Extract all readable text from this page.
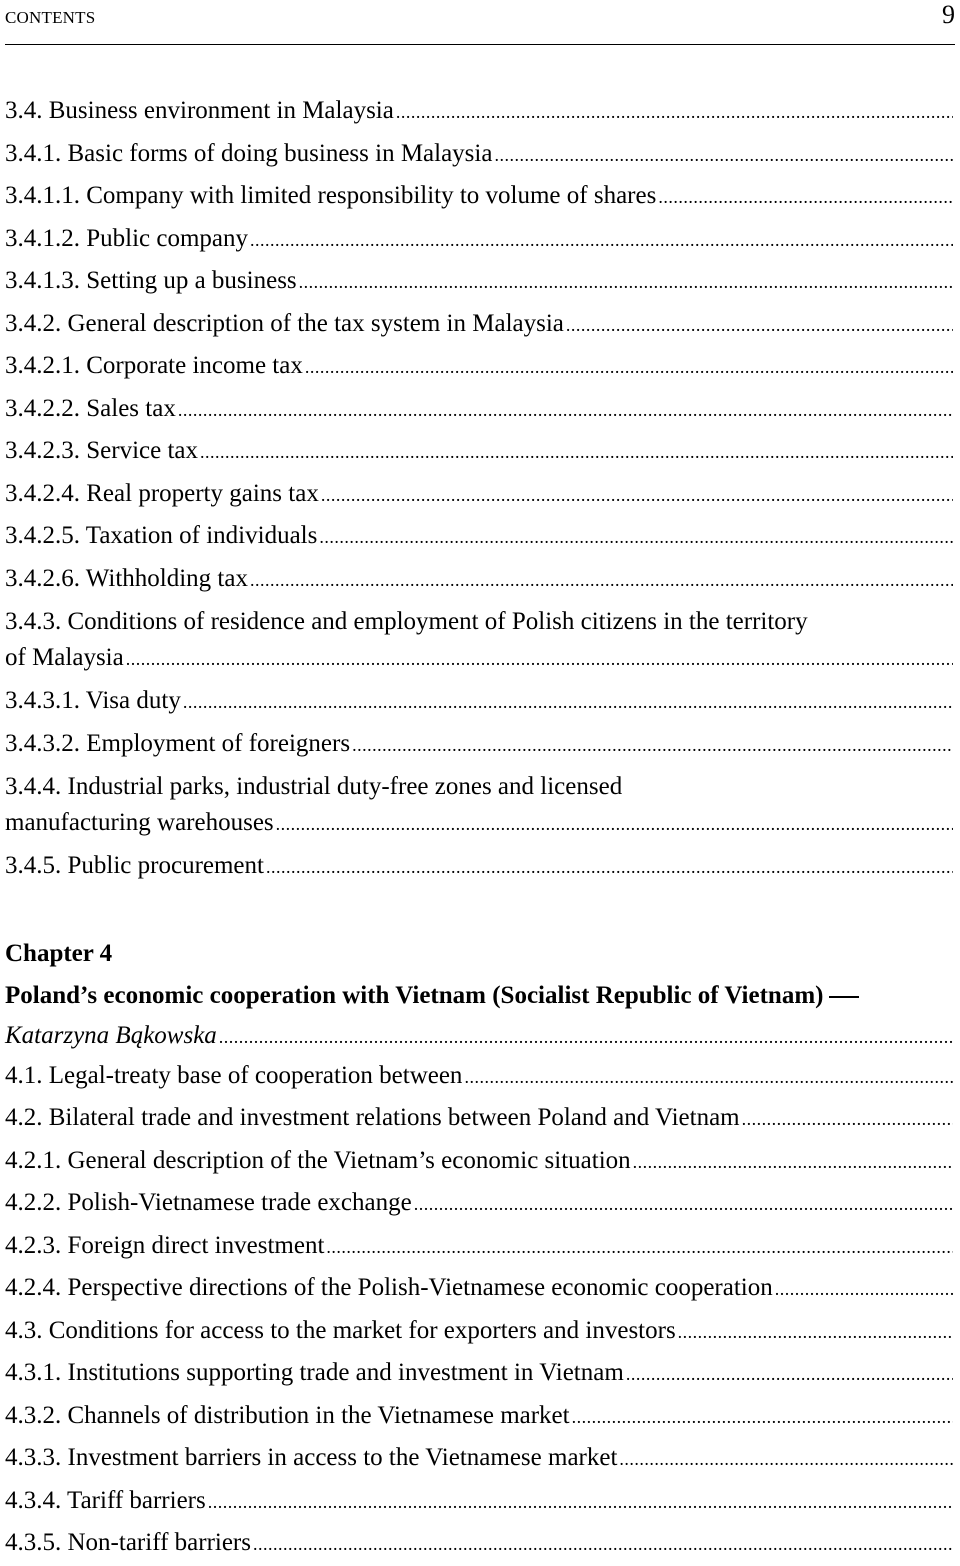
CONTENTS	9
3.4. Business environment in Malaysia
.....
3.4.1. Basic forms of doing business in Malaysia
.....
3.4.1.1. Company with limited responsibility to volume of shares
.....
3.4.1.2. Public company
.....
3.4.1.3. Setting up a business
.....
3.4.2. General description of the tax system in Malaysia
.....
3.4.2.1. Corporate income tax
.....
3.4.2.2. Sales tax
.....
3.4.2.3. Service tax
.....
3.4.2.4. Real property gains tax
.....
3.4.2.5. Taxation of individuals
.....
3.4.2.6. Withholding tax
.....
3.4.3. Conditions of residence and employment of Polish citizens in the territory
of Malaysia
.....
3.4.3.1. Visa duty
.....
3.4.3.2. Employment of foreigners
.....
3.4.4. Industrial parks, industrial duty-free zones and licensed
manufacturing warehouses
.....
3.4.5. Public procurement
.....
Chapter 4
Poland’s economic cooperation with Vietnam (Socialist Republic of Vietnam)
Katarzyna Bąkowska
.....
4.1. Legal-treaty base of cooperation between
.....
4.2. Bilateral trade and investment relations between Poland and Vietnam
.....
4.2.1. General description of the Vietnam’s economic situation
.....
4.2.2. Polish-Vietnamese trade exchange
.....
4.2.3. Foreign direct investment
.....
4.2.4. Perspective directions of the Polish-Vietnamese economic cooperation
.....
4.3. Conditions for access to the market for exporters and investors
.....
4.3.1. Institutions supporting trade and investment in Vietnam
.....
4.3.2. Channels of distribution in the Vietnamese market
.....
4.3.3. Investment barriers in access to the Vietnamese market
.....
4.3.4. Tariff barriers
.....
4.3.5. Non-tariff barriers
.....
